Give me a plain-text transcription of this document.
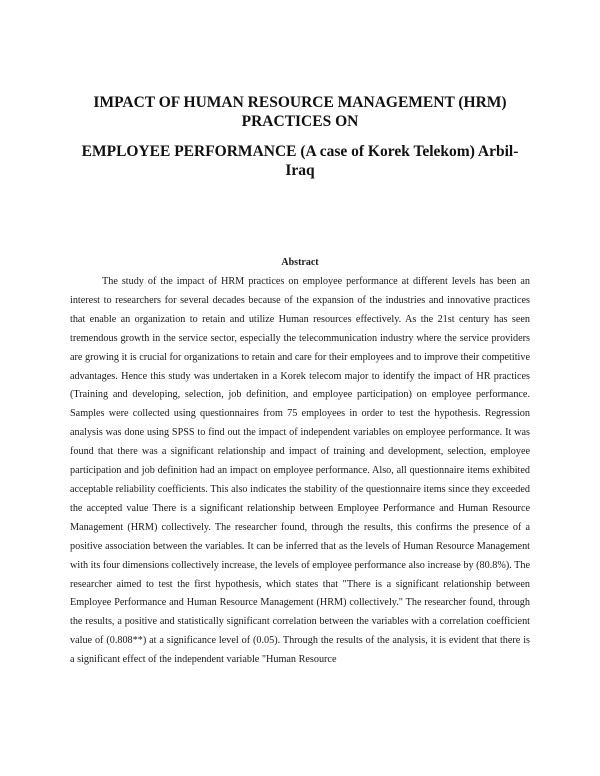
IMPACT OF HUMAN RESOURCE MANAGEMENT (HRM)
PRACTICES ON
EMPLOYEE PERFORMANCE (A case of Korek Telekom) Arbil-
Iraq
Abstract

The study of the impact of HRM practices on employee performance at different levels has been an interest to researchers for several decades because of the expansion of the industries and innovative practices that enable an organization to retain and utilize Human resources effectively. As the 21st century has seen tremendous growth in the service sector, especially the telecommunication industry where the service providers are growing it is crucial for organizations to retain and care for their employees and to improve their competitive advantages. Hence this study was undertaken in a Korek telecom major to identify the impact of HR practices (Training and developing, selection, job definition, and employee participation) on employee performance. Samples were collected using questionnaires from 75 employees in order to test the hypothesis. Regression analysis was done using SPSS to find out the impact of independent variables on employee performance. It was found that there was a significant relationship and impact of training and development, selection, employee participation and job definition had an impact on employee performance. Also, all questionnaire items exhibited acceptable reliability coefficients. This also indicates the stability of the questionnaire items since they exceeded the accepted value There is a significant relationship between Employee Performance and Human Resource Management (HRM) collectively. The researcher found, through the results, this confirms the presence of a positive association between the variables. It can be inferred that as the levels of Human Resource Management with its four dimensions collectively increase, the levels of employee performance also increase by (80.8%). The researcher aimed to test the first hypothesis, which states that "There is a significant relationship between Employee Performance and Human Resource Management (HRM) collectively." The researcher found, through the results, a positive and statistically significant correlation between the variables with a correlation coefficient value of (0.808**) at a significance level of (0.05). Through the results of the analysis, it is evident that there is a significant effect of the independent variable "Human Resource
